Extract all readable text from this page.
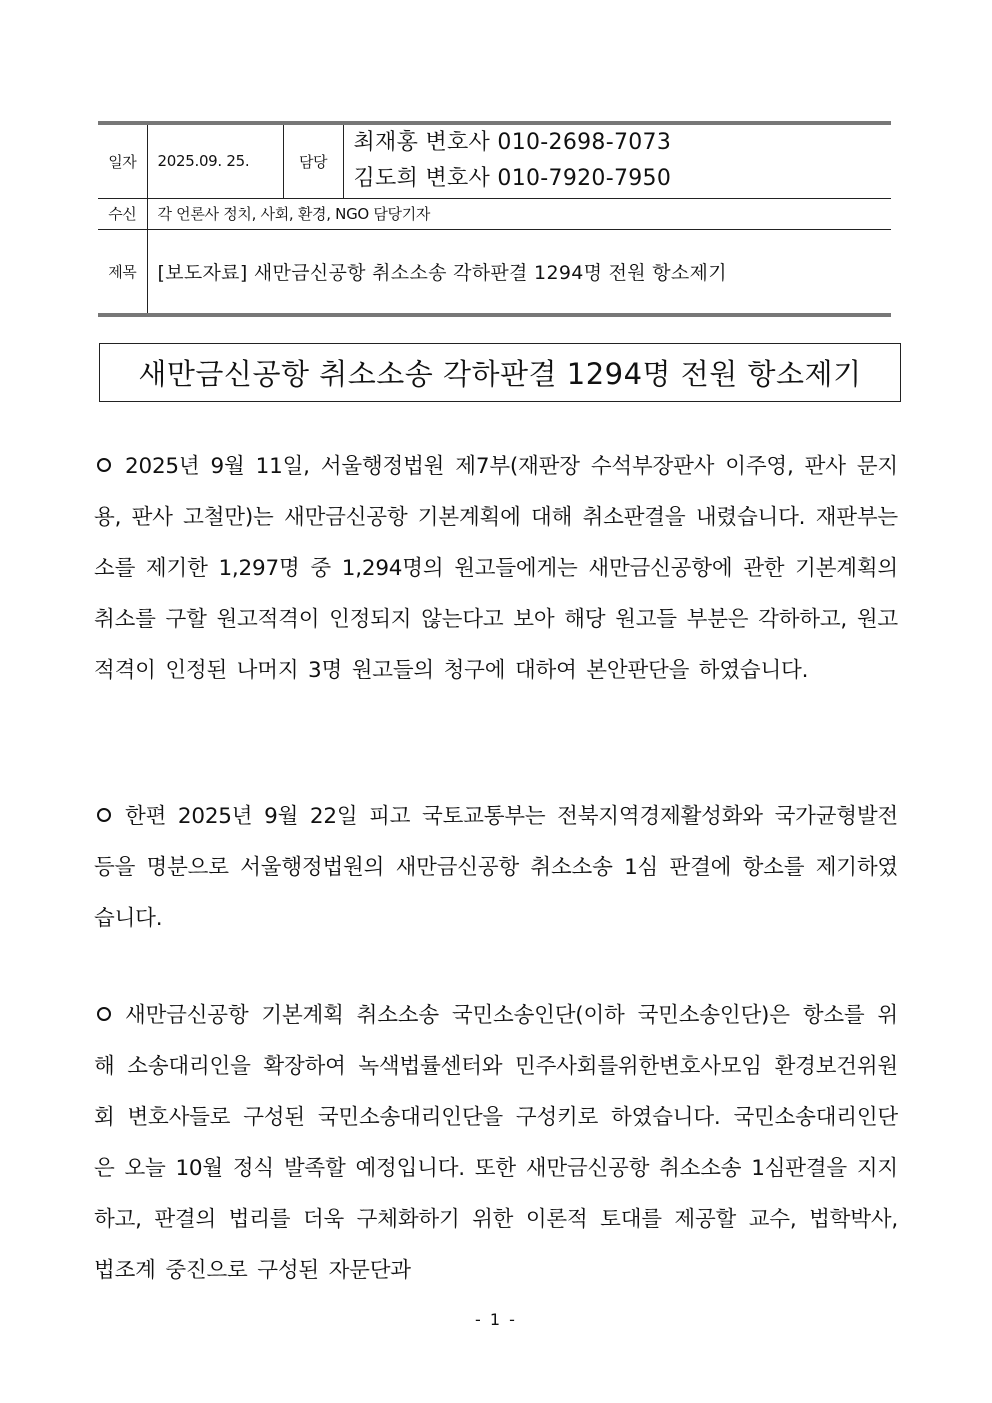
일자	2025.09. 25.	담당	최재홍 변호사 010-2698-7073
김도희 변호사 010-7920-7950

수신	각 언론사 정치, 사회, 환경, NGO 담당기자		
제목	[보도자료] 새만금신공항 취소소송 각하판결 1294명 전원 항소제기		
새만금신공항 취소소송 각하판결 1294명 전원 항소제기

2025년 9월 11일, 서울행정법원 제7부(재판장 수석부장판사 이주영, 판사 문지용, 판사 고철만)는 새만금신공항 기본계획에 대해 취소판결을 내렸습니다. 재판부는 소를 제기한 1,297명 중 1,294명의 원고들에게는 새만금신공항에 관한 기본계획의 취소를 구할 원고적격이 인정되지 않는다고 보아 해당 원고들 부분은 각하하고, 원고적격이 인정된 나머지 3명 원고들의 청구에 대하여 본안판단을 하였습니다.

한편 2025년 9월 22일 피고 국토교통부는 전북지역경제활성화와 국가균형발전 등을 명분으로 서울행정법원의 새만금신공항 취소소송 1심 판결에 항소를 제기하였습니다.

새만금신공항 기본계획 취소소송 국민소송인단(이하 국민소송인단)은 항소를 위해 소송대리인을 확장하여 녹색법률센터와 민주사회를위한변호사모임 환경보건위원회 변호사들로 구성된 국민소송대리인단을 구성키로 하였습니다. 국민소송대리인단은 오늘 10월 정식 발족할 예정입니다. 또한 새만금신공항 취소소송 1심판결을 지지하고, 판결의 법리를 더욱 구체화하기 위한 이론적 토대를 제공할 교수, 법학박사, 법조계 중진으로 구성된 자문단과

- 1 -
